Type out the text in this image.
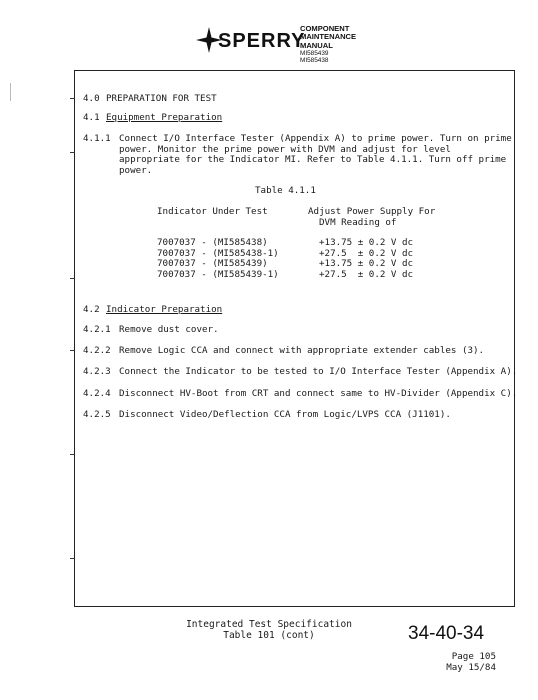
SPERRY
COMPONENT
MAINTENANCE
MANUAL
MI585439
MI585438
4.0 PREPARATION FOR TEST
4.1 Equipment Preparation
4.1.1 Connect I/O Interface Tester (Appendix A) to prime power. Turn on prime
power. Monitor the prime power with DVM and adjust for level
appropriate for the Indicator MI. Refer to Table 4.1.1. Turn off prime
power.
Table 4.1.1
Indicator Under Test	Adjust Power Supply For
DVM Reading of
7007037 - (MI585438)
7007037 - (MI585438-1)
7007037 - (MI585439)
7007037 - (MI585439-1)
+13.75 ± 0.2 V dc
+27.5  ± 0.2 V dc
+13.75 ± 0.2 V dc
+27.5  ± 0.2 V dc
4.2 Indicator Preparation
4.2.1 Remove dust cover.
4.2.2 Remove Logic CCA and connect with appropriate extender cables (3).
4.2.3 Connect the Indicator to be tested to I/O Interface Tester (Appendix A).
4.2.4 Disconnect HV-Boot from CRT and connect same to HV-Divider (Appendix C).
4.2.5 Disconnect Video/Deflection CCA from Logic/LVPS CCA (J1101).
Integrated Test Specification
Table 101 (cont)	34-40-34
Page 105
May 15/84
